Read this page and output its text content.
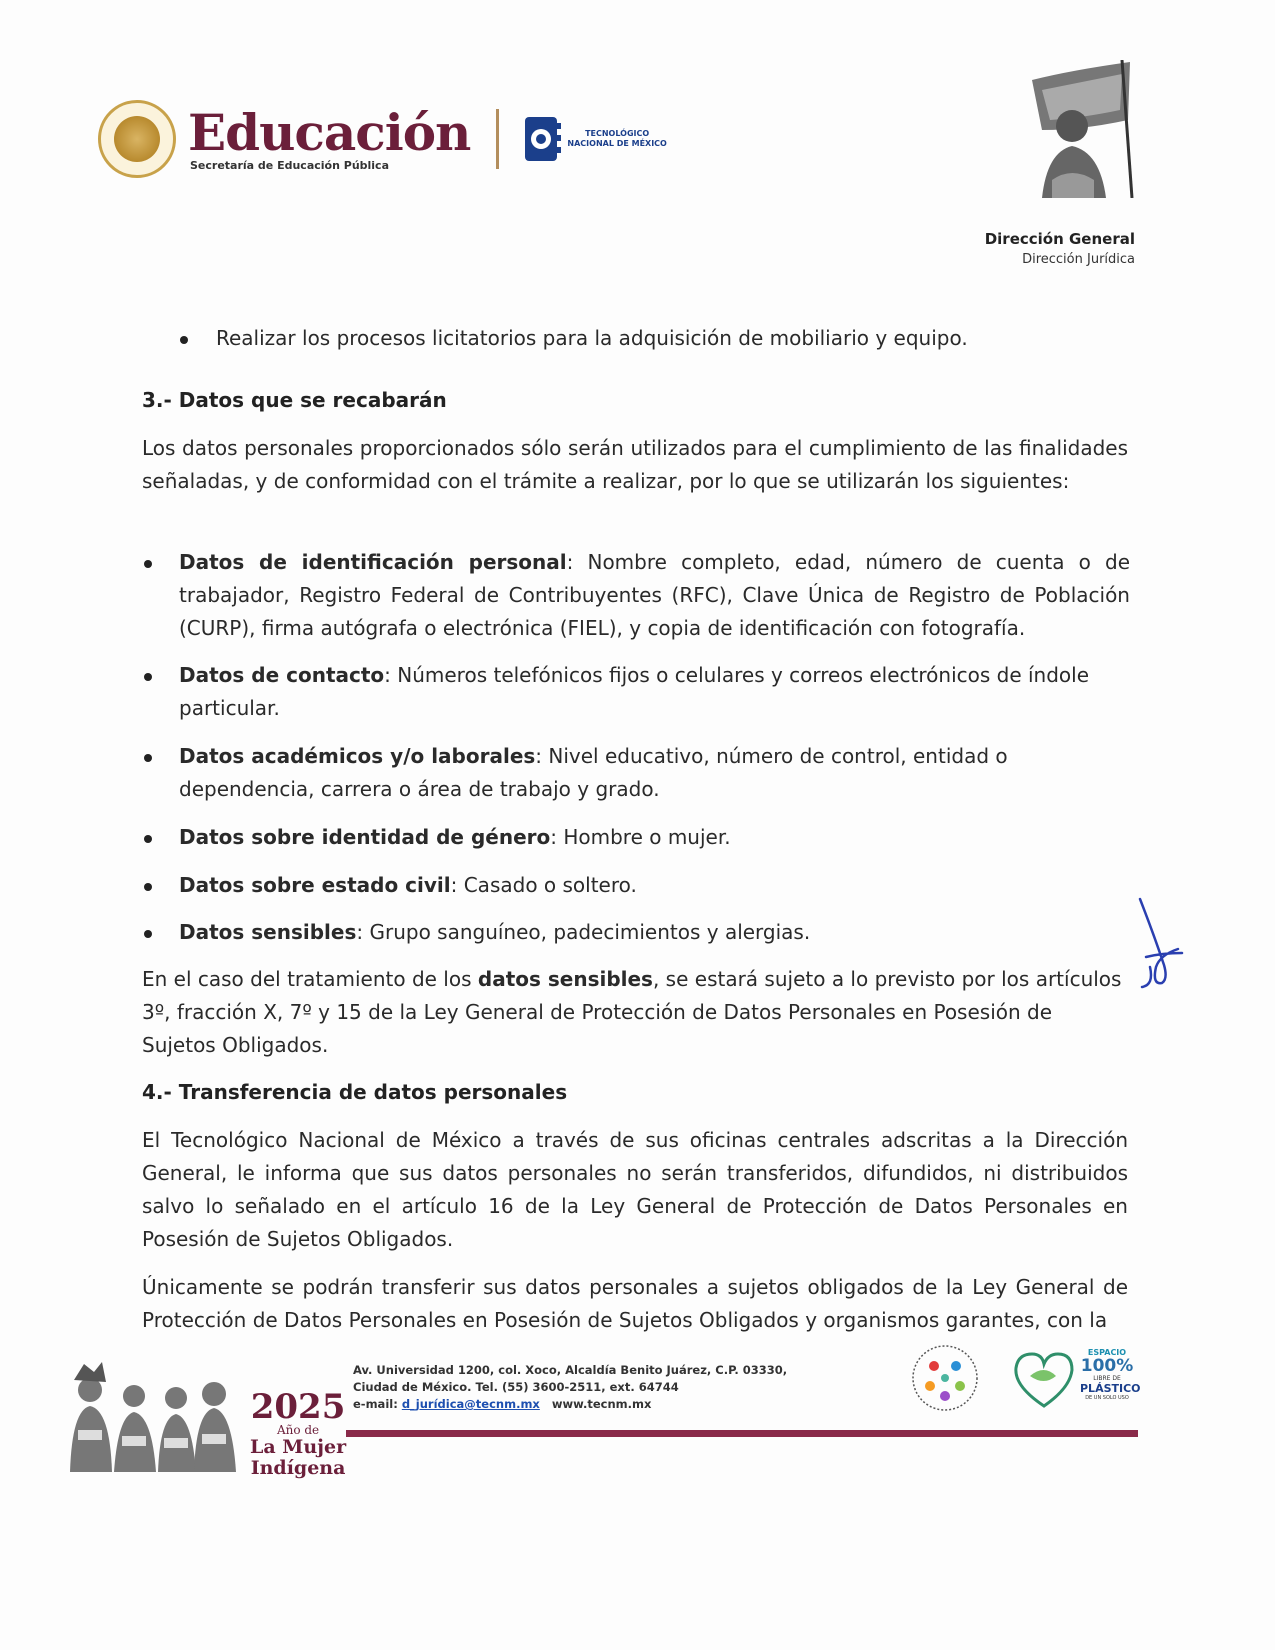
Educación
Secretaría de Educación Pública
TECNOLÓGICO
NACIONAL DE MÉXICO
Dirección General
Dirección Jurídica
Realizar los procesos licitatorios para la adquisición de mobiliario y equipo.
3.- Datos que se recabarán
Los datos personales proporcionados sólo serán utilizados para el cumplimiento de las finalidades señaladas, y de conformidad con el trámite a realizar, por lo que se utilizarán los siguientes:
Datos de identificación personal: Nombre completo, edad, número de cuenta o de trabajador, Registro Federal de Contribuyentes (RFC), Clave Única de Registro de Población (CURP), firma autógrafa o electrónica (FIEL), y copia de identificación con fotografía.
Datos de contacto: Números telefónicos fijos o celulares y correos electrónicos de índole particular.
Datos académicos y/o laborales: Nivel educativo, número de control, entidad o dependencia, carrera o área de trabajo y grado.
Datos sobre identidad de género: Hombre o mujer.
Datos sobre estado civil: Casado o soltero.
Datos sensibles: Grupo sanguíneo, padecimientos y alergias.
En el caso del tratamiento de los datos sensibles, se estará sujeto a lo previsto por los artículos 3º, fracción X, 7º y 15 de la Ley General de Protección de Datos Personales en Posesión de Sujetos Obligados.
4.- Transferencia de datos personales
El Tecnológico Nacional de México a través de sus oficinas centrales adscritas a la Dirección General, le informa que sus datos personales no serán transferidos, difundidos, ni distribuidos salvo lo señalado en el artículo 16 de la Ley General de Protección de Datos Personales en Posesión de Sujetos Obligados.
Únicamente se podrán transferir sus datos personales a sujetos obligados de la Ley General de Protección de Datos Personales en Posesión de Sujetos Obligados y organismos garantes, con la
2025
Año de
La Mujer
Indígena
Av. Universidad 1200, col. Xoco, Alcaldía Benito Juárez, C.P. 03330,
Ciudad de México. Tel. (55) 3600-2511, ext. 64744
e-mail: d_jurídica@tecnm.mx www.tecnm.mx
ESPACIO
100%
LIBRE DE
PLÁSTICO
DE UN SOLO USO
